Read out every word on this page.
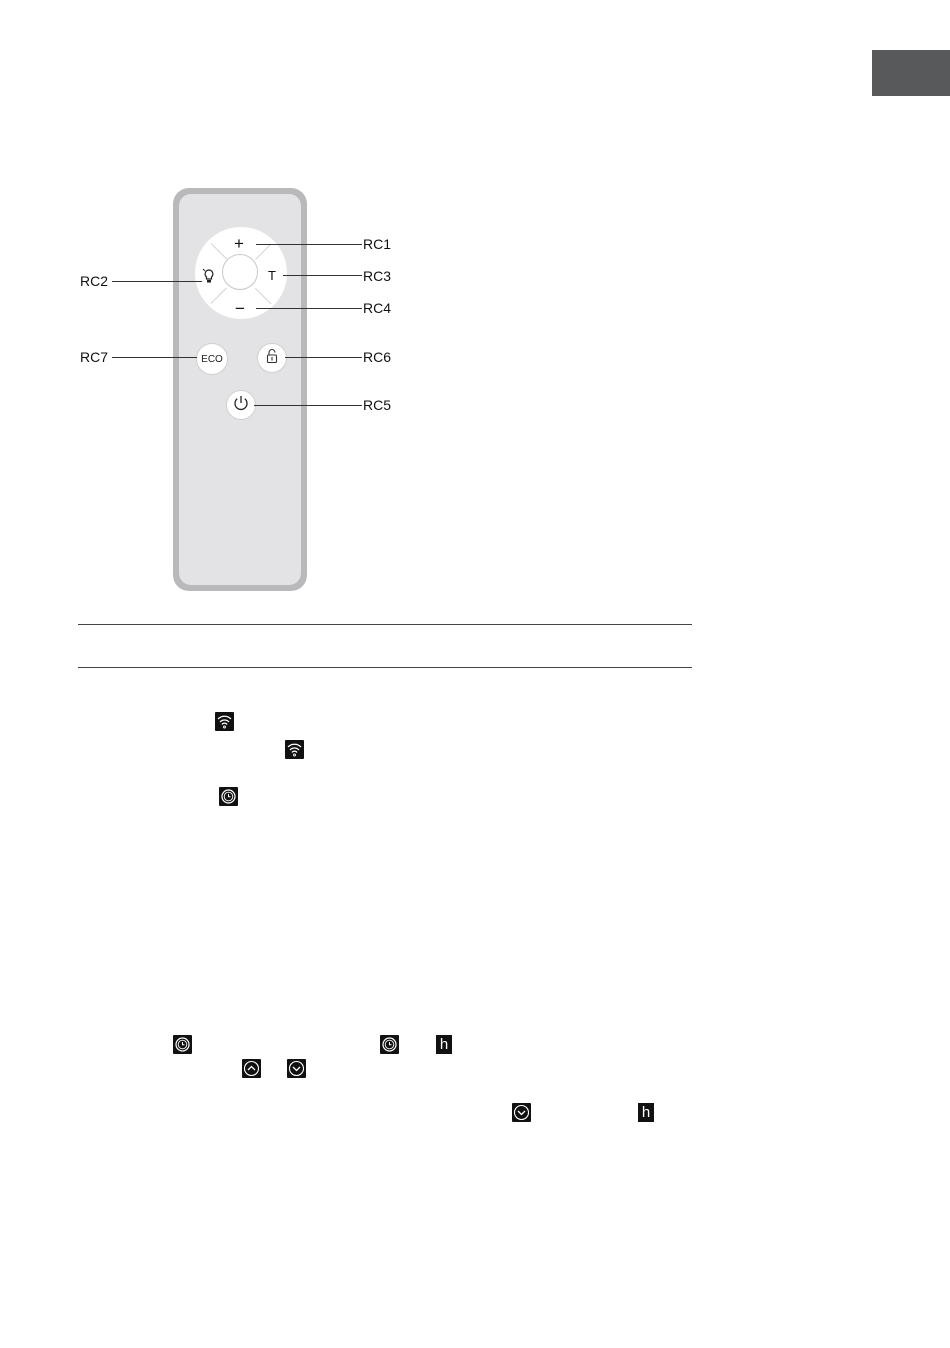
+
−
T
ECO
RC1
RC2	RC3
RC4
RC7	RC6
RC5
h
h
